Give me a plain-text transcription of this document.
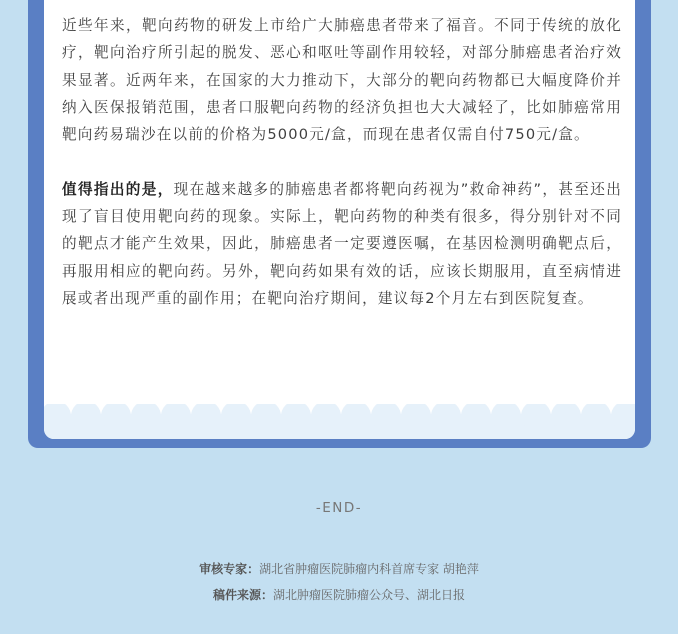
近些年来，靶向药物的研发上市给广大肺癌患者带来了福音。不同于传统的放化疗，靶向治疗所引起的脱发、恶心和呕吐等副作用较轻，对部分肺癌患者治疗效果显著。近两年来，在国家的大力推动下，大部分的靶向药物都已大幅度降价并纳入医保报销范围，患者口服靶向药物的经济负担也大大减轻了，比如肺癌常用靶向药易瑞沙在以前的价格为5000元/盒，而现在患者仅需自付750元/盒。

值得指出的是，现在越来越多的肺癌患者都将靶向药视为”救命神药”，甚至还出现了盲目使用靶向药的现象。实际上，靶向药物的种类有很多，得分别针对不同的靶点才能产生效果，因此，肺癌患者一定要遵医嘱，在基因检测明确靶点后，再服用相应的靶向药。另外，靶向药如果有效的话，应该长期服用，直至病情进展或者出现严重的副作用；在靶向治疗期间，建议每2个月左右到医院复查。

-END-
审核专家：湖北省肿瘤医院肺瘤内科首席专家 胡艳萍
稿件来源：湖北肿瘤医院肺瘤公众号、湖北日报
